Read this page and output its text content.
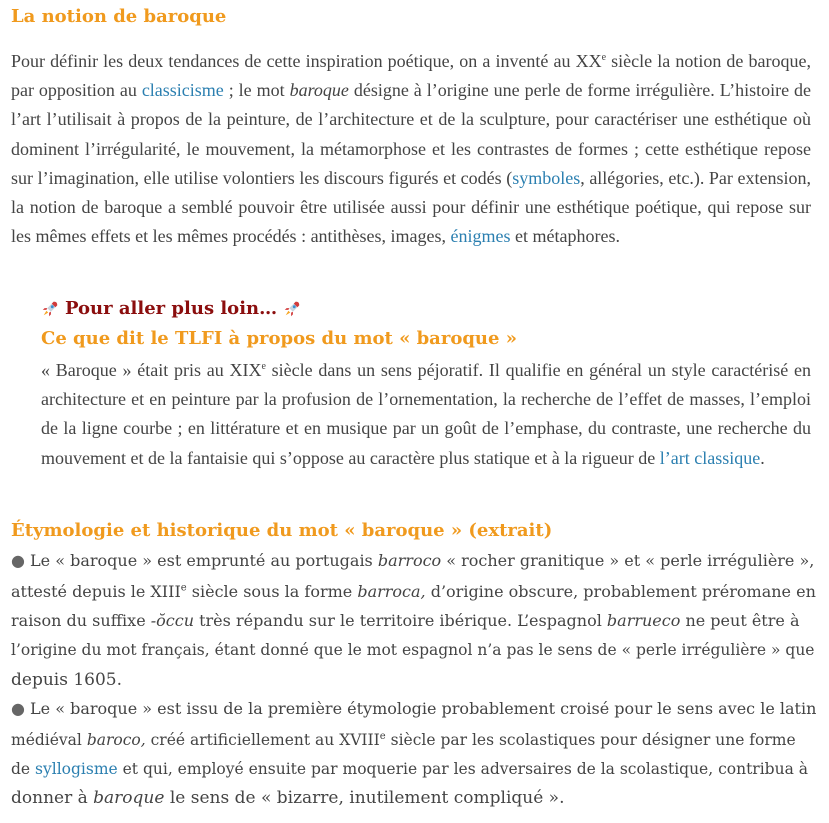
La notion de baroque
Pour définir les deux tendances de cette inspiration poétique, on a inventé au XXe siècle la notion de baroque, par opposition au classicisme ; le mot baroque désigne à l’origine une perle de forme irrégulière. L’histoire de l’art l’utilisait à propos de la peinture, de l’architecture et de la sculpture, pour caractériser une esthétique où dominent l’irrégularité, le mouvement, la métamorphose et les contrastes de formes ; cette esthétique repose sur l’imagination, elle utilise volontiers les discours figurés et codés (symboles, allégories, etc.). Par extension, la notion de baroque a semblé pouvoir être utilisée aussi pour définir une esthétique poétique, qui repose sur les mêmes effets et les mêmes procédés : antithèses, images, énigmes et métaphores.
Pour aller plus loin…
Ce que dit le TLFI à propos du mot « baroque »
« Baroque » était pris au XIXe siècle dans un sens péjoratif. Il qualifie en général un style caractérisé en architecture et en peinture par la profusion de l’ornementation, la recherche de l’effet de masses, l’emploi de la ligne courbe ; en littérature et en musique par un goût de l’emphase, du contraste, une recherche du mouvement et de la fantaisie qui s’oppose au caractère plus statique et à la rigueur de l’art classique.
Étymologie et historique du mot « baroque » (extrait)
● Le « baroque » est emprunté au portugais barroco « rocher granitique » et « perle irrégulière »,
attesté depuis le XIIIe siècle sous la forme barroca, d’origine obscure, probablement préromane en
raison du suffixe -ŏccu très répandu sur le territoire ibérique. L’espagnol barrueco ne peut être à
l’origine du mot français, étant donné que le mot espagnol n’a pas le sens de « perle irrégulière » que
depuis 1605.
● Le « baroque » est issu de la première étymologie probablement croisé pour le sens avec le latin
médiéval baroco, créé artificiellement au XVIIIe siècle par les scolastiques pour désigner une forme
de syllogisme et qui, employé ensuite par moquerie par les adversaires de la scolastique, contribua à
donner à baroque le sens de « bizarre, inutilement compliqué ».
